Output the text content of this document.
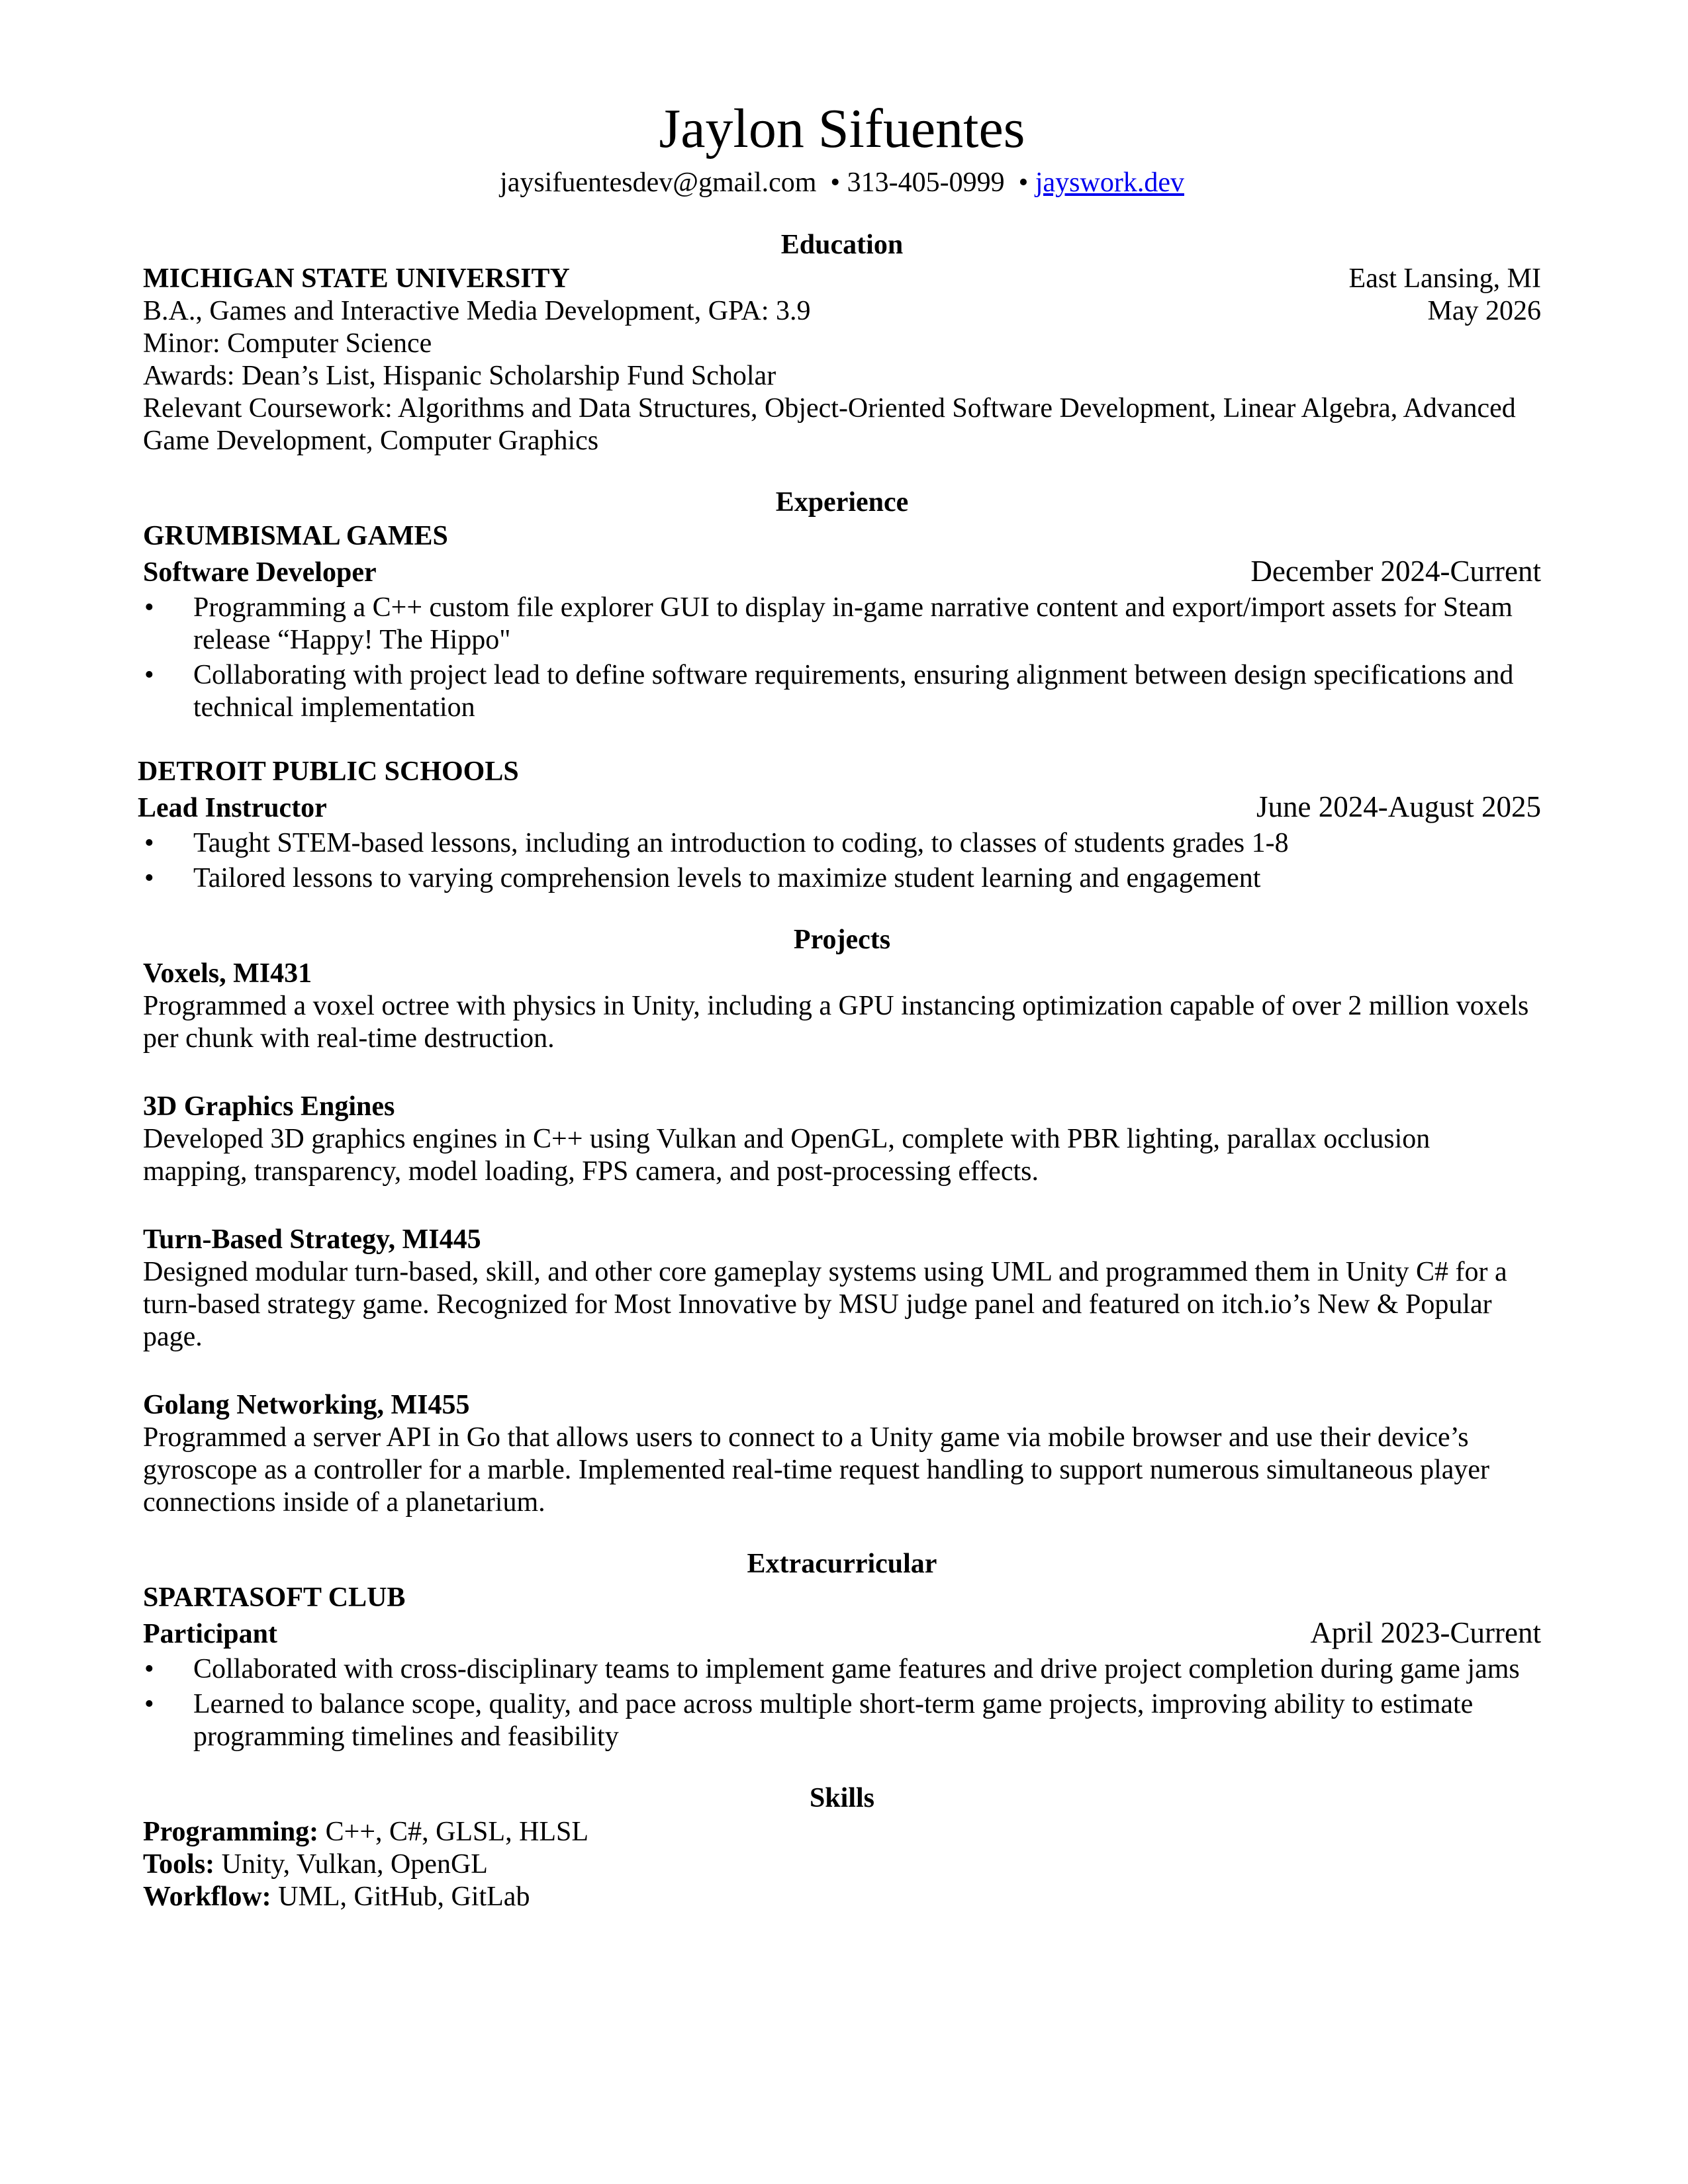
Jaylon Sifuentes

jaysifuentesdev@gmail.com • 313-405-0999 • jayswork.dev

Education
MICHIGAN STATE UNIVERSITY	East Lansing, MI
B.A., Games and Interactive Media Development, GPA: 3.9	May 2026

Minor: Computer Science

Awards: Dean’s List, Hispanic Scholarship Fund Scholar

Relevant Coursework: Algorithms and Data Structures, Object-Oriented Software Development, Linear Algebra, Advanced Game Development, Computer Graphics

Experience

GRUMBISMAL GAMES

Software Developer	December 2024-Current
•	Programming a C++ custom file explorer GUI to display in-game narrative content and export/import assets for Steam release “Happy! The Hippo"
•	Collaborating with project lead to define software requirements, ensuring alignment between design specifications and technical implementation

DETROIT PUBLIC SCHOOLS

Lead Instructor	June 2024-August 2025
•	Taught STEM-based lessons, including an introduction to coding, to classes of students grades 1-8
•	Tailored lessons to varying comprehension levels to maximize student learning and engagement
Projects

Voxels, MI431

Programmed a voxel octree with physics in Unity, including a GPU instancing optimization capable of over 2 million voxels per chunk with real-time destruction.

3D Graphics Engines

Developed 3D graphics engines in C++ using Vulkan and OpenGL, complete with PBR lighting, parallax occlusion mapping, transparency, model loading, FPS camera, and post-processing effects.

Turn-Based Strategy, MI445

Designed modular turn-based, skill, and other core gameplay systems using UML and programmed them in Unity C# for a turn-based strategy game. Recognized for Most Innovative by MSU judge panel and featured on itch.io’s New & Popular page.

Golang Networking, MI455

Programmed a server API in Go that allows users to connect to a Unity game via mobile browser and use their device’s gyroscope as a controller for a marble. Implemented real-time request handling to support numerous simultaneous player connections inside of a planetarium.

Extracurricular

SPARTASOFT CLUB

Participant	April 2023-Current
•	Collaborated with cross-disciplinary teams to implement game features and drive project completion during game jams
•	Learned to balance scope, quality, and pace across multiple short-term game projects, improving ability to estimate programming timelines and feasibility
Skills

Programming: C++, C#, GLSL, HLSL

Tools: Unity, Vulkan, OpenGL

Workflow: UML, GitHub, GitLab
